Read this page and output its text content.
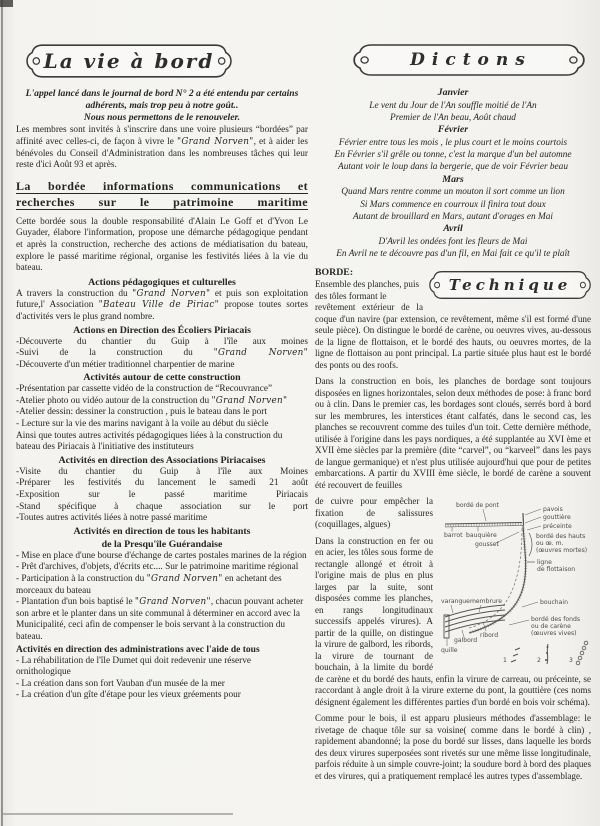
La vie à bord
L'appel lancé dans le journal de bord N° 2 a été entendu par certains adhérents, mais trop peu à notre goût..
Nous nous permettons de le renouveler.
Les membres sont invités à s'inscrire dans une voire plusieurs “bordées” par affinité avec celles-ci, de façon à vivre le "Grand Norven", et à aider les bénévoles du Conseil d'Administration dans les nombreuses tâches qui leur reste d'ici Août 93 et après.
La bordée informations communications et recherches sur le patrimoine maritime
Cette bordée sous la double responsabilité d'Alain Le Goff et d'Yvon Le Guyader, élabore l'information, propose une démarche pédagogique pendant et après la construction, recherche des actions de médiatisation du bateau, explore le passé maritime régional, organise les festivités liées à la vie du bateau.
Actions pédagogiques et culturelles
A travers la construction du "Grand Norven" et puis son exploitation future,l' Association "Bateau Ville de Piriac" propose toutes sortes d'activités vers le plus grand nombre.
Actions en Direction des Écoliers Piriacais
-Découverte du chantier du Guip à l'île aux moines
-Suivi de la construction du "Grand Norven"
-Découverte d'un métier traditionnel charpentier de marine
Activités autour de cette construction
-Présentation par cassette vidéo de la construction de “Recouvrance”
-Atelier photo ou vidéo autour de la construction du "Grand Norven"
-Atelier dessin: dessiner la construction , puis le bateau dans le port
- Lecture sur la vie des marins navigant à la voile au début du siècle
Ainsi que toutes autres activités pédagogiques liées à la construction du bateau des Piriacais à l'initiative des instituteurs
Activités en direction des Associations Piriacaises
-Visite du chantier du Guip à l'île aux Moines
-Préparer les festivités du lancement le samedi 21 août
-Exposition sur le passé maritime Piriacais
-Stand spécifique à chaque association sur le port
-Toutes autres activités liées à notre passé maritime
Activités en direction de tous les habitants
de la Presqu'île Guérandaise
- Mise en place d'une bourse d'échange de cartes postales marines de la région
- Prêt d'archives, d'objets, d'écrits etc.... Sur le patrimoine maritime régional
- Participation à la construction du "Grand Norven" en achetant des morceaux du bateau
- Plantation d'un bois baptisé le "Grand Norven", chacun pouvant acheter son arbre et le planter dans un site communal à déterminer en accord avec la Municipalité, ceci afin de compenser le bois servant à la construction du bateau.
Activités en direction des administrations avec l'aide de tous
- La réhabilitation de l'île Dumet qui doit redevenir une réserve ornithologique
- La création dans son fort Vauban d'un musée de la mer
- La création d'un gîte d'étape pour les vieux gréements pour
Dictons
Janvier
Le vent du Jour de l'An souffle moitié de l'An
Premier de l'An beau, Août chaud
Février
Février entre tous les mois , le plus court et le moins courtois
En Février s'il grêle ou tonne, c'est la marque d'un bel automne
Autant voir le loup dans la bergerie, que de voir Février beau
Mars
Quand Mars rentre comme un mouton il sort comme un lion
Si Mars commence en courroux il finira tout doux
Autant de brouillard en Mars, autant d'orages en Mai
Avril
D'Avril les ondées font les fleurs de Mai
En Avril ne te découvre pas d'un fil, en Mai fait ce qu'il te plaît
Technique
BORDE:
Ensemble des planches, puis des tôles formant le
revêtement extérieur de la coque d'un navire (par extension, ce revêtement, même s'il est formé d'une seule pièce). On distingue le bordé de carène, ou oeuvres vives, au-dessous de la ligne de flottaison, et le bordé des hauts, ou oeuvres mortes, de la ligne de flottaison au pont principal. La partie située plus haut est le bordé des ponts ou des roofs.
Dans la construction en bois, les planches de bordage sont toujours disposées en lignes horizontales, selon deux méthodes de pose: à franc bord ou à clin. Dans le premier cas, les bordages sont cloués, serrés bord à bord sur les membrures, les interstices étant calfatés, dans le second cas, les planches se recouvrent comme des tuiles d'un toit. Cette dernière méthode, utilisée à l'origine dans les pays nordiques, a été supplantée au XVI ème et XVII ème siècles par la première (dite “carvel”, ou “karveel” dans les pays de langue germanique) et n'est plus utilisée aujourd'hui que pour de petites embarcations. A partir du XVIII ème siècle, le bordé de carène a souvent été recouvert de feuilles
bordé de pont
pavois
gouttière
barrot bauquière
gousset
préceinte
bordé des hauts
ou œ. m.
(œuvres mortes)
ligne
de flottaison
bouchain
bordé des fonds
ou de carène
(œuvres vives)
varangue membrure
galbord
ribord
quille
1	2	3
de cuivre pour empêcher la fixation de salissures (coquillages, algues)
Dans la construction en fer ou en acier, les tôles sous forme de rectangle allongé et étroit à l'origine mais de plus en plus larges par la suite, sont disposées comme les planches, en rangs longitudinaux successifs appelés virures). A partir de la quille, on distingue la virure de galbord, les ribords, la virure de tournant de bouchain, à la limite du bordé de carène et du bordé des hauts, enfin la virure de carreau, ou préceinte, se raccordant à angle droit à la virure externe du pont, la gouttière (ces noms désignent également les différentes parties d'un bordé en bois voir schéma).
Comme pour le bois, il est apparu plusieurs méthodes d'assemblage: le rivetage de chaque tôle sur sa voisine( comme dans le bordé à clin) , rapidement abandonné; la pose du bordé sur lisses, dans laquelle les bords des deux virures superposées sont rivetés sur une même lisse longitudinale, parfois réduite à un simple couvre-joint; la soudure bord à bord des plaques et des virures, qui a pratiquement remplacé les autres types d'assemblage.
